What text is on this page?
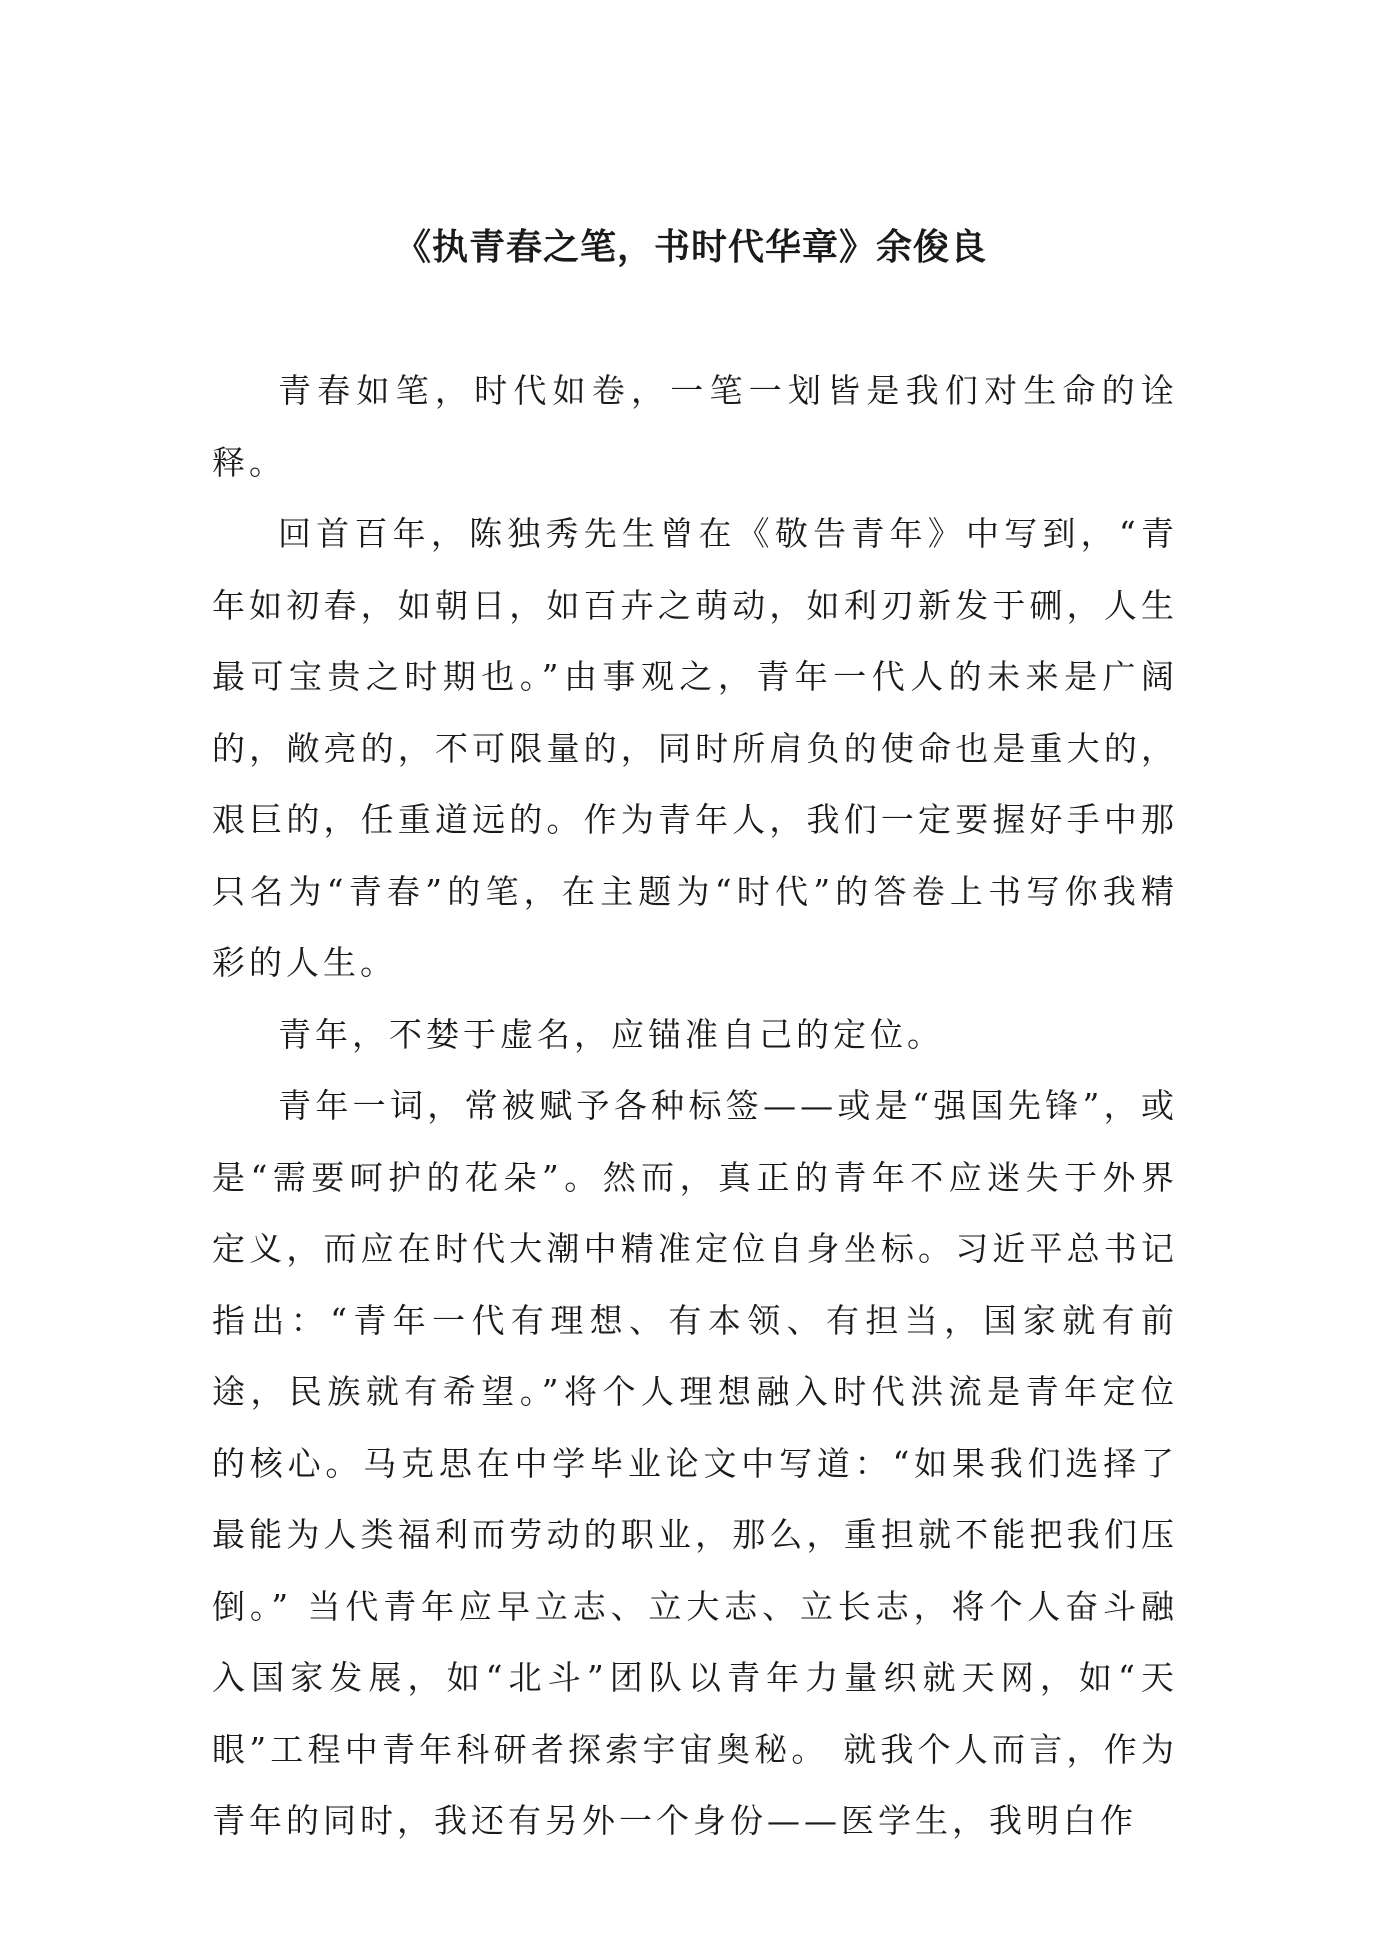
《执青春之笔，书时代华章》余俊良

青春如笔，时代如卷，一笔一划皆是我们对生命的诠释。

回首百年，陈独秀先生曾在《敬告青年》中写到，“青年如初春，如朝日，如百卉之萌动，如利刃新发于硎，人生最可宝贵之时期也。”由事观之，青年一代人的未来是广阔的，敞亮的，不可限量的，同时所肩负的使命也是重大的，艰巨的，任重道远的。作为青年人，我们一定要握好手中那只名为“青春”的笔，在主题为“时代”的答卷上书写你我精彩的人生。

青年，不婪于虚名，应锚准自己的定位。

青年一词，常被赋予各种标签——或是“强国先锋”，或是“需要呵护的花朵”。然而，真正的青年不应迷失于外界定义，而应在时代大潮中精准定位自身坐标。习近平总书记指出：“青年一代有理想、有本领、有担当，国家就有前途，民族就有希望。”将个人理想融入时代洪流是青年定位的核心。马克思在中学毕业论文中写道：“如果我们选择了最能为人类福利而劳动的职业，那么，重担就不能把我们压倒。” 当代青年应早立志、立大志、立长志，将个人奋斗融入国家发展，如“北斗”团队以青年力量织就天网，如“天眼”工程中青年科研者探索宇宙奥秘。 就我个人而言，作为青年的同时，我还有另外一个身份——医学生，我明白作
